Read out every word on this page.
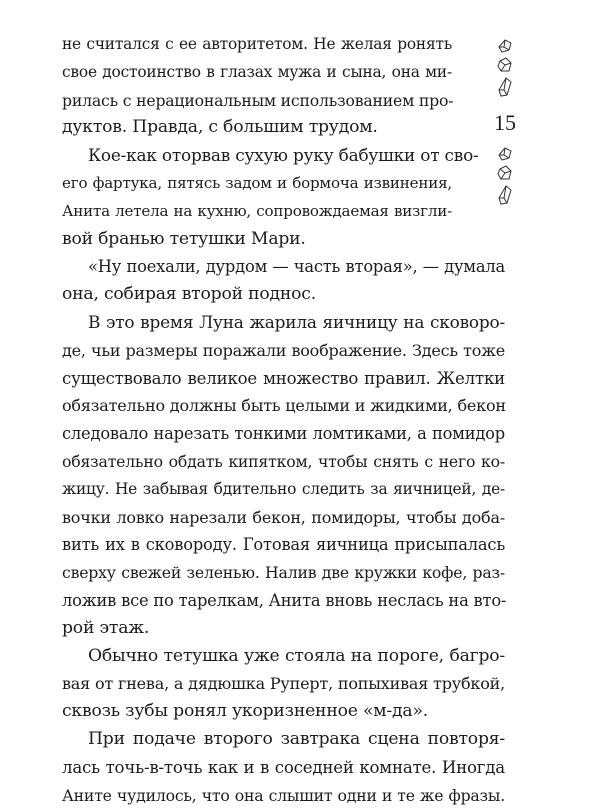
15
не считался с ее авторитетом. Не желая ронять
свое достоинство в глазах мужа и сына, она ми-
рилась с нерациональным использованием про-
дуктов. Правда, с большим трудом.
Кое-как оторвав сухую руку бабушки от сво-
его фартука, пятясь задом и бормоча извинения,
Анита летела на кухню, сопровождаемая визгли-
вой бранью тетушки Мари.
«Ну поехали, дурдом — часть вторая», — думала
она, собирая второй поднос.
В это время Луна жарила яичницу на сковоро-
де, чьи размеры поражали воображение. Здесь тоже
существовало великое множество правил. Желтки
обязательно должны быть целыми и жидкими, бекон
следовало нарезать тонкими ломтиками, а помидор
обязательно обдать кипятком, чтобы снять с него ко-
жицу. Не забывая бдительно следить за яичницей, де-
вочки ловко нарезали бекон, помидоры, чтобы доба-
вить их в сковороду. Готовая яичница присыпалась
сверху свежей зеленью. Налив две кружки кофе, раз-
ложив все по тарелкам, Анита вновь неслась на вто-
рой этаж.
Обычно тетушка уже стояла на пороге, багро-
вая от гнева, а дядюшка Руперт, попыхивая трубкой,
сквозь зубы ронял укоризненное «м-да».
При подаче второго завтрака сцена повторя-
лась точь-в-точь как и в соседней комнате. Иногда
Аните чудилось, что она слышит одни и те же фразы.
